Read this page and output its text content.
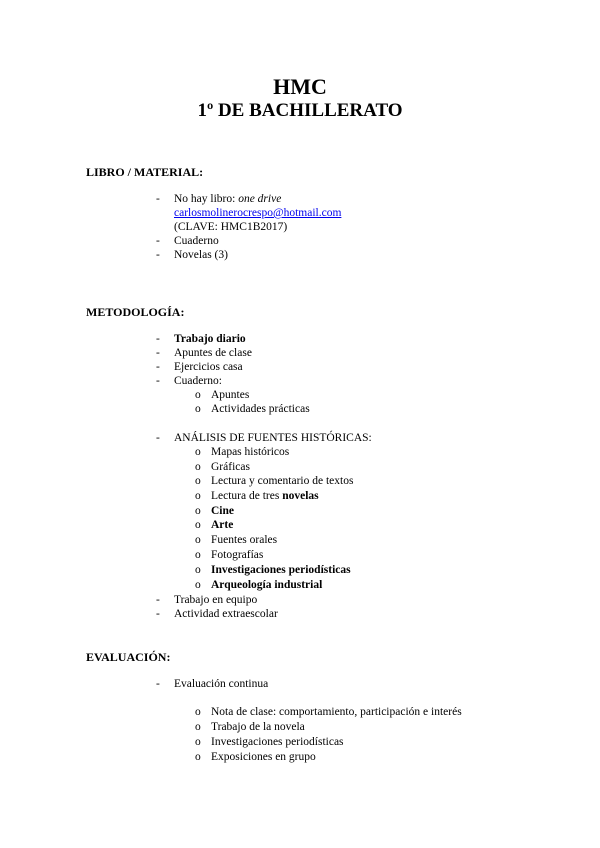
HMC
1º DE BACHILLERATO
LIBRO / MATERIAL:
- No hay libro: one drive
carlosmolinerocrespo@hotmail.com
(CLAVE: HMC1B2017)
- Cuaderno
- Novelas (3)
METODOLOGÍA:
- Trabajo diario
- Apuntes de clase
- Ejercicios casa
- Cuaderno:
o Apuntes
o Actividades prácticas
- ANÁLISIS DE FUENTES HISTÓRICAS:
o Mapas históricos
o Gráficas
o Lectura y comentario de textos
o Lectura de tres novelas
o Cine
o Arte
o Fuentes orales
o Fotografías
o Investigaciones periodísticas
o Arqueología industrial
- Trabajo en equipo
- Actividad extraescolar
EVALUACIÓN:
- Evaluación continua
o Nota de clase: comportamiento, participación e interés
o Trabajo de la novela
o Investigaciones periodísticas
o Exposiciones en grupo
